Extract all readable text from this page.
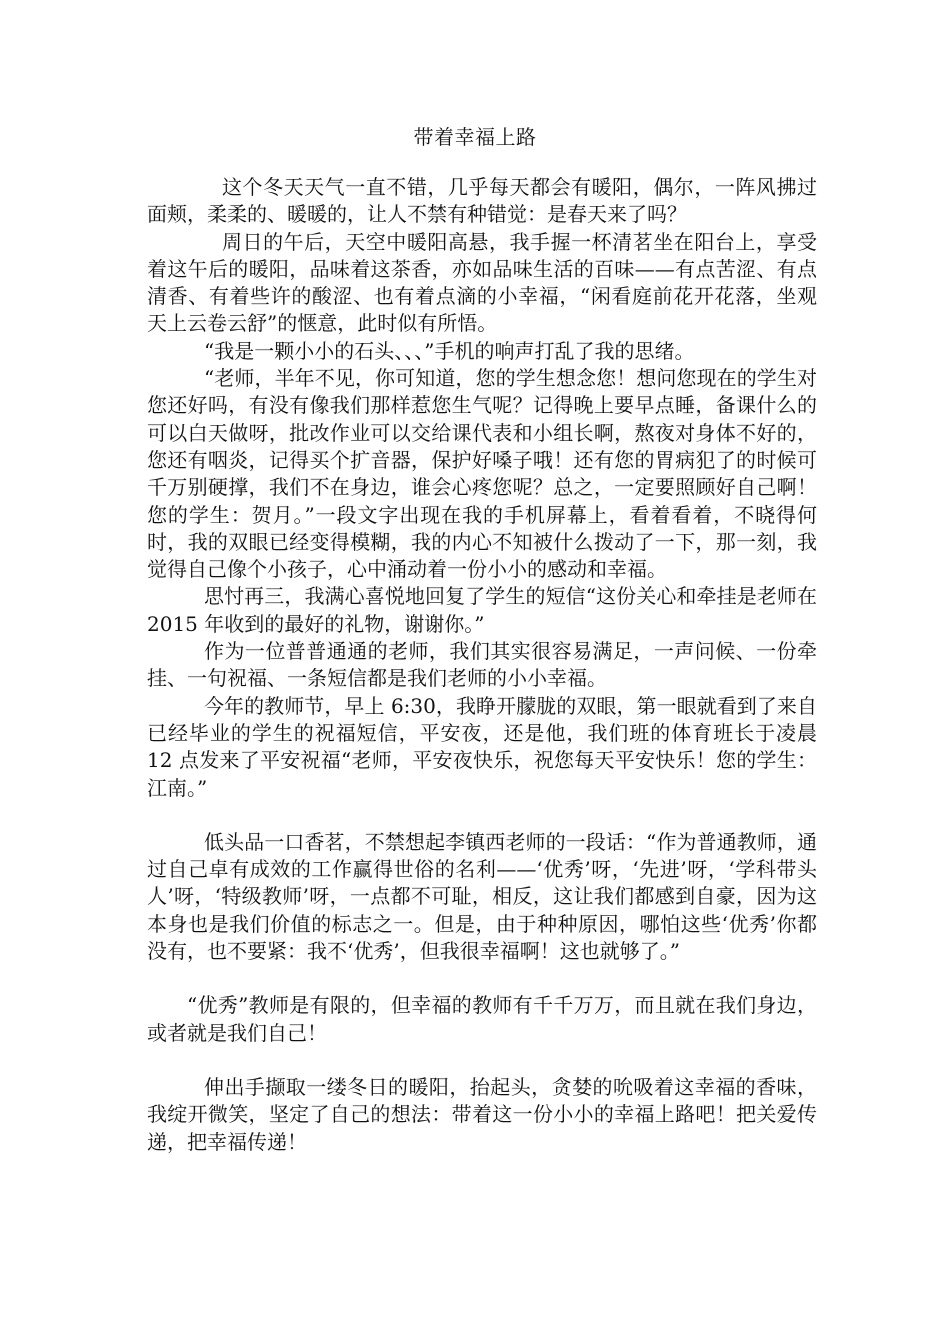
带着幸福上路

这个冬天天气一直不错，几乎每天都会有暖阳，偶尔，一阵风拂过面颊，柔柔的、暖暖的，让人不禁有种错觉：是春天来了吗？

周日的午后，天空中暖阳高悬，我手握一杯清茗坐在阳台上，享受着这午后的暖阳，品味着这茶香，亦如品味生活的百味——有点苦涩、有点清香、有着些许的酸涩、也有着点滴的小幸福，“闲看庭前花开花落，坐观天上云卷云舒”的惬意，此时似有所悟。

“我是一颗小小的石头、、、”手机的响声打乱了我的思绪。

“老师，半年不见，你可知道，您的学生想念您！想问您现在的学生对您还好吗，有没有像我们那样惹您生气呢？记得晚上要早点睡，备课什么的可以白天做呀，批改作业可以交给课代表和小组长啊，熬夜对身体不好的，您还有咽炎，记得买个扩音器，保护好嗓子哦！还有您的胃病犯了的时候可千万别硬撑，我们不在身边，谁会心疼您呢？总之，一定要照顾好自己啊！您的学生：贺月。”一段文字出现在我的手机屏幕上，看着看着，不晓得何时，我的双眼已经变得模糊，我的内心不知被什么拨动了一下，那一刻，我觉得自己像个小孩子，心中涌动着一份小小的感动和幸福。

思忖再三，我满心喜悦地回复了学生的短信“这份关心和牵挂是老师在 2015 年收到的最好的礼物，谢谢你。”

作为一位普普通通的老师，我们其实很容易满足，一声问候、一份牵挂、一句祝福、一条短信都是我们老师的小小幸福。

今年的教师节，早上 6:30，我睁开朦胧的双眼，第一眼就看到了来自已经毕业的学生的祝福短信，平安夜，还是他，我们班的体育班长于凌晨 12 点发来了平安祝福“老师，平安夜快乐，祝您每天平安快乐！您的学生：江南。”

低头品一口香茗，不禁想起李镇西老师的一段话：“作为普通教师，通过自己卓有成效的工作赢得世俗的名利——‘优秀’呀，‘先进’呀，‘学科带头人’呀，‘特级教师’呀，一点都不可耻，相反，这让我们都感到自豪，因为这本身也是我们价值的标志之一。但是，由于种种原因，哪怕这些‘优秀’你都没有，也不要紧：我不‘优秀’，但我很幸福啊！这也就够了。”

“优秀”教师是有限的，但幸福的教师有千千万万，而且就在我们身边，或者就是我们自己！

伸出手撷取一缕冬日的暖阳，抬起头，贪婪的吮吸着这幸福的香味，我绽开微笑，坚定了自己的想法：带着这一份小小的幸福上路吧！把关爱传递，把幸福传递！
